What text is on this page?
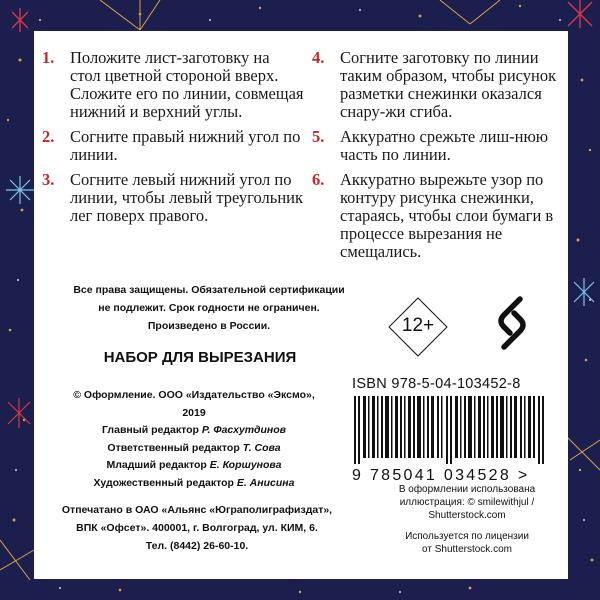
1. Положите лист-заготовку на стол цветной стороной вверх. Сложите его по линии, совмещая нижний и верхний углы.
2. Согните правый нижний угол по линии.
3. Согните левый нижний угол по линии, чтобы левый треугольник лег поверх правого.
4. Согните заготовку по линии таким образом, чтобы рисунок разметки снежинки оказался снару-жи сгиба.
5. Аккуратно срежьте лиш-нюю часть по линии.
6. Аккуратно вырежьте узор по контуру рисунка снежинки, стараясь, чтобы слои бумаги в процессе вырезания не смещались.
Все права защищены. Обязательной сертификации
не подлежит. Срок годности не ограничен.
Произведено в России.	12+
НАБОР ДЛЯ ВЫРЕЗАНИЯ
© Оформление. ООО «Издательство «Эксмо»,
2019
Главный редактор Р. Фасхутдинов
Ответственный редактор Т. Сова
Младший редактор Е. Коршунова
Художественный редактор Е. Анисина
ISBN 978-5-04-103452-8
9 785041 034528 >
Отпечатано в ОАО «Альянс «Юграполиграфиздат»,
ВПК «Офсет». 400001, г. Волгоград, ул. КИМ, 6.
Тел. (8442) 26-60-10.

В оформлении использована
иллюстрация: © smilewithjul /
Shutterstock.com

Используется по лицензии
от Shutterstock.com
